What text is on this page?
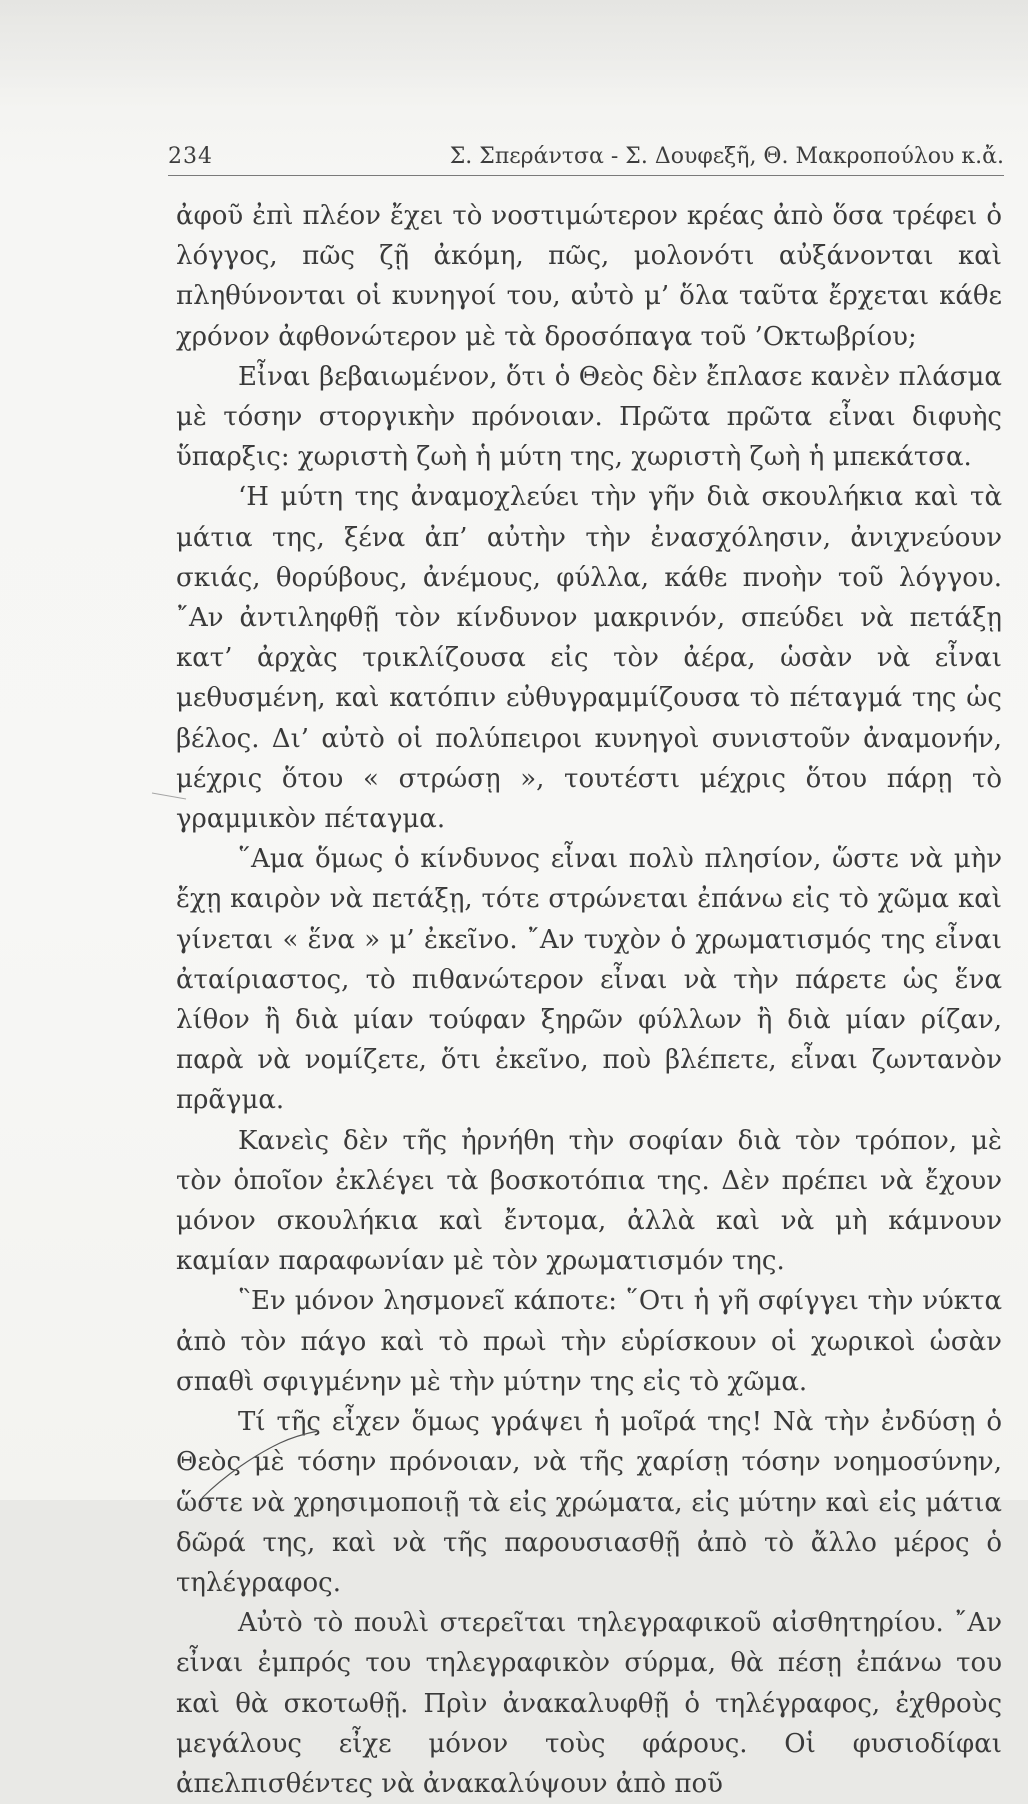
234	Σ. Σπεράντσα - Σ. Δουφεξῆ, Θ. Μακροπούλου κ.ἄ.

ἀφοῦ ἐπὶ πλέον ἔχει τὸ νοστιμώτερον κρέας ἀπὸ ὅσα τρέφει ὁ λόγγος, πῶς ζῇ ἀκόμη, πῶς, μολονότι αὐξάνονται καὶ πληθύνονται οἱ κυνηγοί του, αὐτὸ μ’ ὅλα ταῦτα ἔρχεται κάθε χρόνον ἀφθονώτερον μὲ τὰ δροσόπαγα τοῦ ’Οκτωβρίου;

Εἶναι βεβαιωμένον, ὅτι ὁ Θεὸς δὲν ἔπλασε κανὲν πλάσμα μὲ τόσην στοργικὴν πρόνοιαν. Πρῶτα πρῶτα εἶναι διφυὴς ὕπαρξις: χωριστὴ ζωὴ ἡ μύτη της, χωριστὴ ζωὴ ἡ μπεκάτσα.

‘Η μύτη της ἀναμοχλεύει τὴν γῆν διὰ σκουλήκια καὶ τὰ μάτια της, ξένα ἀπ’ αὐτὴν τὴν ἐνασχόλησιν, ἀνιχνεύουν σκιάς, θορύβους, ἀνέμους, φύλλα, κάθε πνοὴν τοῦ λόγγου. ῎Αν ἀντιληφθῇ τὸν κίνδυνον μακρινόν, σπεύδει νὰ πετάξῃ κατ’ ἀρχὰς τρικλίζουσα εἰς τὸν ἀέρα, ὡσὰν νὰ εἶναι μεθυσμένη, καὶ κατόπιν εὐθυγραμμίζουσα τὸ πέταγμά της ὡς βέλος. Δι’ αὐτὸ οἱ πολύπειροι κυνηγοὶ συνιστοῦν ἀναμονήν, μέχρις ὅτου « στρώσῃ », τουτέστι μέχρις ὅτου πάρῃ τὸ γραμμικὸν πέταγμα.

῞Αμα ὅμως ὁ κίνδυνος εἶναι πολὺ πλησίον, ὥστε νὰ μὴν ἔχῃ καιρὸν νὰ πετάξῃ, τότε στρώνεται ἐπάνω εἰς τὸ χῶμα καὶ γίνεται « ἕνα » μ’ ἐκεῖνο. ῎Αν τυχὸν ὁ χρωματισμός της εἶναι ἀταίριαστος, τὸ πιθανώτερον εἶναι νὰ τὴν πάρετε ὡς ἕνα λίθον ἢ διὰ μίαν τούφαν ξηρῶν φύλλων ἢ διὰ μίαν ρίζαν, παρὰ νὰ νομίζετε, ὅτι ἐκεῖνο, ποὺ βλέπετε, εἶναι ζωντανὸν πρᾶγμα.

Κανεὶς δὲν τῆς ἠρνήθη τὴν σοφίαν διὰ τὸν τρόπον, μὲ τὸν ὁποῖον ἐκλέγει τὰ βοσκοτόπια της. Δὲν πρέπει νὰ ἔχουν μόνον σκουλήκια καὶ ἔντομα, ἀλλὰ καὶ νὰ μὴ κάμνουν καμίαν παραφωνίαν μὲ τὸν χρωματισμόν της.

῝Εν μόνον λησμονεῖ κάποτε: ῞Οτι ἡ γῆ σφίγγει τὴν νύκτα ἀπὸ τὸν πάγο καὶ τὸ πρωὶ τὴν εὑρίσκουν οἱ χωρικοὶ ὡσὰν σπαθὶ σφιγμένην μὲ τὴν μύτην της εἰς τὸ χῶμα.

Τί τῆς εἶχεν ὅμως γράψει ἡ μοῖρά της! Νὰ τὴν ἐνδύσῃ ὁ Θεὸς μὲ τόσην πρόνοιαν, νὰ τῆς χαρίσῃ τόσην νοημοσύνην, ὥστε νὰ χρησιμοποιῇ τὰ εἰς χρώματα, εἰς μύτην καὶ εἰς μάτια δῶρά της, καὶ νὰ τῆς παρουσιασθῇ ἀπὸ τὸ ἄλλο μέρος ὁ τηλέγραφος.

Αὐτὸ τὸ πουλὶ στερεῖται τηλεγραφικοῦ αἰσθητηρίου. ῎Αν εἶναι ἐμπρός του τηλεγραφικὸν σύρμα, θὰ πέσῃ ἐπάνω του καὶ θὰ σκοτωθῇ. Πρὶν ἀνακαλυφθῇ ὁ τηλέγραφος, ἐχθροὺς μεγάλους εἶχε μόνον τοὺς φάρους. Οἱ φυσιοδίφαι ἀπελπισθέντες νὰ ἀνακαλύψουν ἀπὸ ποῦ
